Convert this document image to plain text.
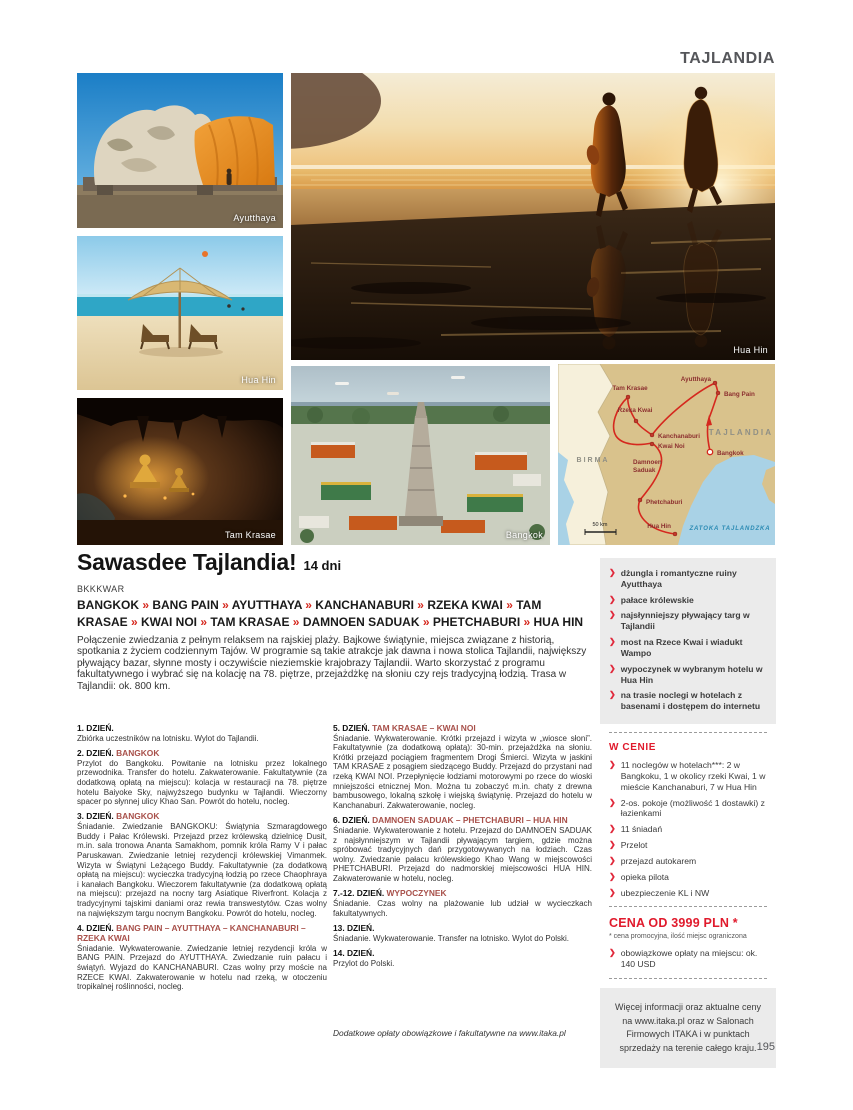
TAJLANDIA
Ayutthaya
Hua Hin
Hua Hin
Tam Krasae	Bangkok
Tam Krasae
Ayutthaya
Bang Pain
Rzeka Kwai
Kanchanaburi
Kwai Noi
Bangkok
Damnoen
Saduak
Phetchaburi
Hua Hin
TAJLANDIA
BIRMA
ZATOKA TAJLANDZKA
50 km
Sawasdee Tajlandia! 14 dni
BKKKWAR
BANGKOK » BANG PAIN » AYUTTHAYA » KANCHANABURI » RZEKA KWAI » TAM KRASAE » KWAI NOI » TAM KRASAE » DAMNOEN SADUAK » PHETCHABURI » HUA HIN

Połączenie zwiedzania z pełnym relaksem na rajskiej plaży. Bajkowe świątynie, miejsca związane z historią, spotkania z życiem codziennym Tajów. W programie są takie atrakcje jak dawna i nowa stolica Tajlandii, największy pływający bazar, słynne mosty i oczywiście nieziemskie krajobrazy Tajlandii. Warto skorzystać z programu fakultatywnego i wybrać się na kolację na 78. piętrze, przejażdżkę na słoniu czy rejs tradycyjną łodzią. Trasa w Tajlandii: ok. 800 km.

1. DZIEŃ.
Zbiórka uczestników na lotnisku. Wylot do Tajlandii.
2. DZIEŃ. BANGKOK
Przylot do Bangkoku. Powitanie na lotnisku przez lokalnego przewodnika. Transfer do hotelu. Zakwaterowanie. Fakultatywnie (za dodatkową opłatą na miejscu): kolacja w restauracji na 78. piętrze hotelu Baiyoke Sky, najwyższego budynku w Tajlandii. Wieczorny spacer po słynnej ulicy Khao San. Powrót do hotelu, nocleg.
3. DZIEŃ. BANGKOK
Śniadanie. Zwiedzanie BANGKOKU: Świątynia Szmaragdowego Buddy i Pałac Królewski. Przejazd przez królewską dzielnicę Dusit, m.in. sala tronowa Ananta Samakhom, pomnik króla Ramy V i pałac Paruskawan. Zwiedzanie letniej rezydencji królewskiej Vimanmek. Wizyta w Świątyni Leżącego Buddy. Fakultatywnie (za dodatkową opłatą na miejscu): wycieczka tradycyjną łodzią po rzece Chaophraya i kanałach Bangkoku. Wieczorem fakultatywnie (za dodatkową opłatą na miejscu): przejazd na nocny targ Asiatique Riverfront. Kolacja z tradycyjnymi tajskimi daniami oraz rewia transwestytów. Czas wolny na największym targu nocnym Bangkoku. Powrót do hotelu, nocleg.
4. DZIEŃ. BANG PAIN – AYUTTHAYA – KANCHANABURI – RZEKA KWAI
Śniadanie. Wykwaterowanie. Zwiedzanie letniej rezydencji króla w BANG PAIN. Przejazd do AYUTTHAYA. Zwiedzanie ruin pałacu i świątyń. Wyjazd do KANCHANABURI. Czas wolny przy moście na RZECE KWAI. Zakwaterowanie w hotelu nad rzeką, w otoczeniu tropikalnej roślinności, nocleg.
5. DZIEŃ. TAM KRASAE – KWAI NOI
Śniadanie. Wykwaterowanie. Krótki przejazd i wizyta w „wiosce słoni”. Fakultatywnie (za dodatkową opłatą): 30-min. przejażdżka na słoniu. Krótki przejazd pociągiem fragmentem Drogi Śmierci. Wizyta w jaskini TAM KRASAE z posągiem siedzącego Buddy. Przejazd do przystani nad rzeką KWAI NOI. Przepłynięcie łodziami motorowymi po rzece do wioski mniejszości etnicznej Mon. Można tu zobaczyć m.in. chaty z drewna bambusowego, lokalną szkołę i wiejską świątynię. Przejazd do hotelu w Kanchanaburi. Zakwaterowanie, nocleg.
6. DZIEŃ. DAMNOEN SADUAK – PHETCHABURI – HUA HIN
Śniadanie. Wykwaterowanie z hotelu. Przejazd do DAMNOEN SADUAK z najsłynniejszym w Tajlandii pływającym targiem, gdzie można spróbować tradycyjnych dań przygotowywanych na łodziach. Czas wolny. Zwiedzanie pałacu królewskiego Khao Wang w miejscowości PHETCHABURI. Przejazd do nadmorskiej miejscowości HUA HIN. Zakwaterowanie w hotelu, nocleg.
7.-12. DZIEŃ. WYPOCZYNEK
Śniadanie. Czas wolny na plażowanie lub udział w wycieczkach fakultatywnych.
13. DZIEŃ.
Śniadanie. Wykwaterowanie. Transfer na lotnisko. Wylot do Polski.
14. DZIEŃ.
Przylot do Polski.

Dodatkowe opłaty obowiązkowe i fakultatywne na www.itaka.pl

❯ dżungla i romantyczne ruiny Ayutthaya
❯ pałace królewskie
❯ najsłynniejszy pływający targ w Tajlandii
❯ most na Rzece Kwai i wiadukt Wampo
❯ wypoczynek w wybranym hotelu w Hua Hin
❯ na trasie noclegi w hotelach z basenami i dostępem do internetu
W CENIE
❯ 11 noclegów w hotelach***: 2 w Bangkoku, 1 w okolicy rzeki Kwai, 1 w mieście Kanchanaburi, 7 w Hua Hin
❯ 2-os. pokoje (możliwość 1 dostawki) z łazienkami
❯ 11 śniadań
❯ Przelot
❯ przejazd autokarem
❯ opieka pilota
❯ ubezpieczenie KL i NW
CENA OD 3999 PLN *
* cena promocyjna, ilość miejsc ograniczona
❯ obowiązkowe opłaty na miejscu: ok. 140 USD
Więcej informacji oraz aktualne ceny na www.itaka.pl oraz w Salonach Firmowych ITAKA i w punktach sprzedaży na terenie całego kraju. 195
